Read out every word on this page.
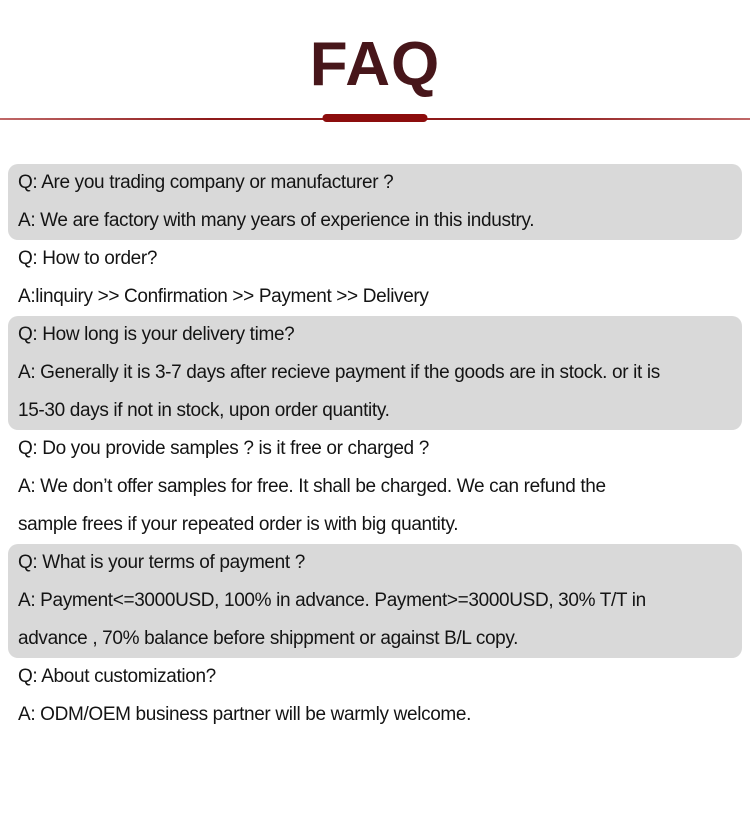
FAQ
Q: Are you trading company or manufacturer ?
A: We are factory with many years of experience in this industry.
Q: How to order?
A:linquiry >> Confirmation >> Payment >> Delivery
Q: How long is your delivery time?
A: Generally it is 3-7 days after recieve payment if the goods are in stock. or it is
15-30 days if not in stock, upon order quantity.
Q: Do you provide samples ? is it free or charged ?
A: We don’t offer samples for free. It shall be charged. We can refund the
sample frees if your repeated order is with big quantity.
Q: What is your terms of payment ?
A: Payment<=3000USD, 100% in advance. Payment>=3000USD, 30% T/T in
advance , 70% balance before shippment or against B/L copy.
Q: About customization?
A: ODM/OEM business partner will be warmly welcome.
